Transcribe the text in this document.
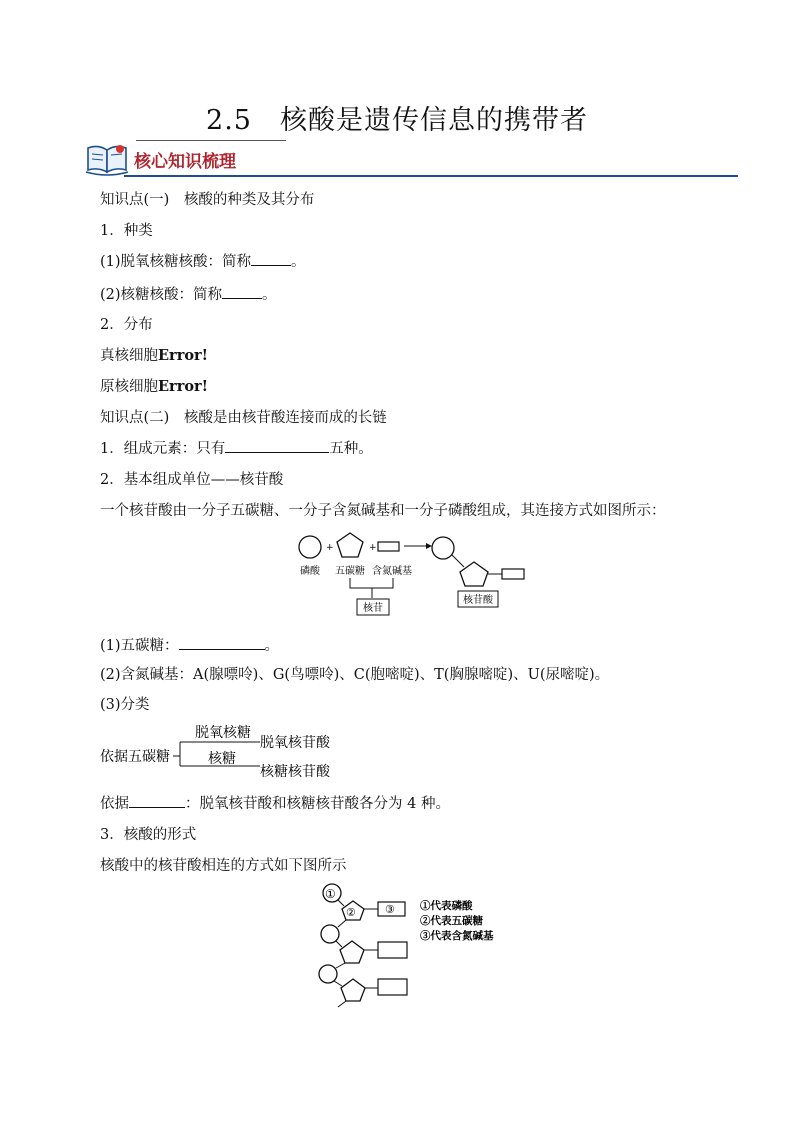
2.5　核酸是遗传信息的携带者
核心知识梳理
知识点(一)　核酸的种类及其分布
1．种类
(1)脱氧核糖核酸：简称	。
(2)核糖核酸：简称	。
2．分布
真核细胞Error!
原核细胞Error!
知识点(二)　核酸是由核苷酸连接而成的长链
1．组成元素：只有	五种。
2．基本组成单位——核苷酸
一个核苷酸由一分子五碳糖、一分子含氮碱基和一分子磷酸组成，其连接方式如图所示：
+	+
磷酸 五碳糖 含氮碱基
核苷
核苷酸
(1)五碳糖：	。
(2)含氮碱基：A(腺嘌呤)、G(鸟嘌呤)、C(胞嘧啶)、T(胸腺嘧啶)、U(尿嘧啶)。
(3)分类
依据五碳糖
脱氧核糖
脱氧核苷酸
核糖
核糖核苷酸
依据	：脱氧核苷酸和核糖核苷酸各分为 4 种。
3．核酸的形式
核酸中的核苷酸相连的方式如下图所示
①
②	③ ①代表磷酸
②代表五碳糖
③代表含氮碱基
